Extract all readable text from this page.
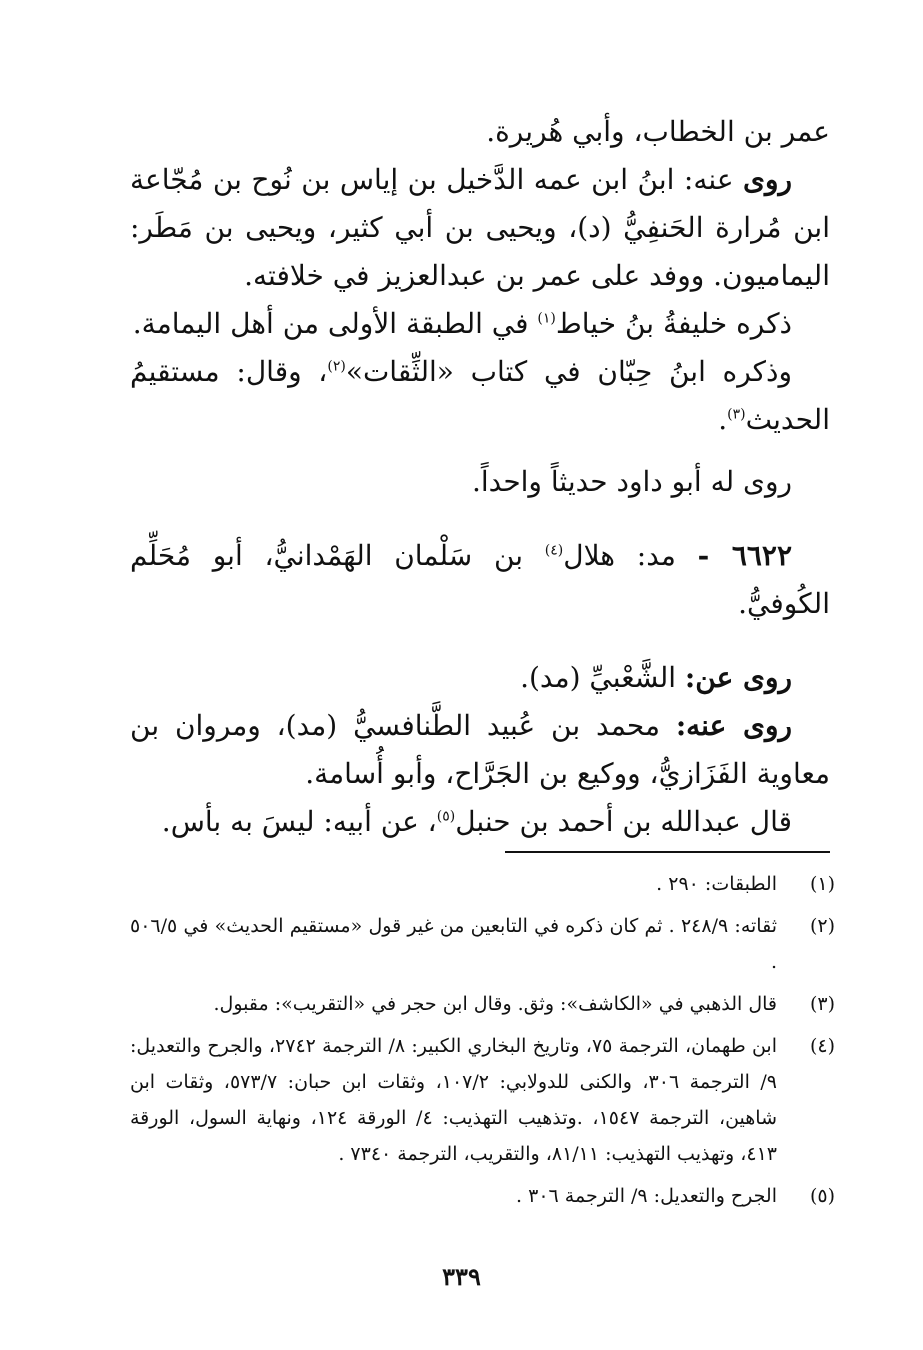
عمر بن الخطاب، وأبي هُريرة.
روى عنه: ابنُ ابن عمه الدَّخيل بن إياس بن نُوح بن مُجّاعة
ابن مُرارة الحَنفِيُّ (د)، ويحيى بن أبي كثير، ويحيى بن مَطَر:
اليماميون. ووفد على عمر بن عبدالعزيز في خلافته.
ذكره خليفةُ بنُ خياط$^{(١)}$ في الطبقة الأولى من أهل اليمامة.
وذكره ابنُ حِبّان في كتاب «الثِّقات»$^{(٢)}$، وقال: مستقيمُ
الحديث$^{(٣)}$.
روى له أبو داود حديثاً واحداً.
٦٦٢٢ - مد: هلال$^{(٤)}$ بن سَلْمان الهَمْدانيُّ، أبو مُحَلِّم
الكُوفيُّ.
روى عن: الشَّعْبيِّ (مد).
روى عنه: محمد بن عُبيد الطَّنافسيُّ (مد)، ومروان بن
معاوية الفَزَازيُّ، ووكيع بن الجَرَّاح، وأبو أُسامة.
قال عبدالله بن أحمد بن حنبل$^{(٥)}$، عن أبيه: ليسَ به بأس.
(١)
الطبقات: ٢٩٠ .
(٢)
ثقاته: ٢٤٨/٩ . ثم كان ذكره في التابعين من غير قول «مستقيم الحديث» في ٥٠٦/٥ .
(٣)
قال الذهبي في «الكاشف»: وثق. وقال ابن حجر في «التقريب»: مقبول.
(٤)
ابن طهمان، الترجمة ٧٥، وتاريخ البخاري الكبير: ٨/ الترجمة ٢٧٤٢، والجرح والتعديل: ٩/ الترجمة ٣٠٦، والكنى للدولابي: ١٠٧/٢، وثقات ابن حبان: ٥٧٣/٧، وثقات ابن شاهين، الترجمة ١٥٤٧، .وتذهيب التهذيب: ٤/ الورقة ١٢٤، ونهاية السول، الورقة ٤١٣، وتهذيب التهذيب: ٨١/١١، والتقريب، الترجمة ٧٣٤٠ .
(٥)
الجرح والتعديل: ٩/ الترجمة ٣٠٦ .
٣٣٩
